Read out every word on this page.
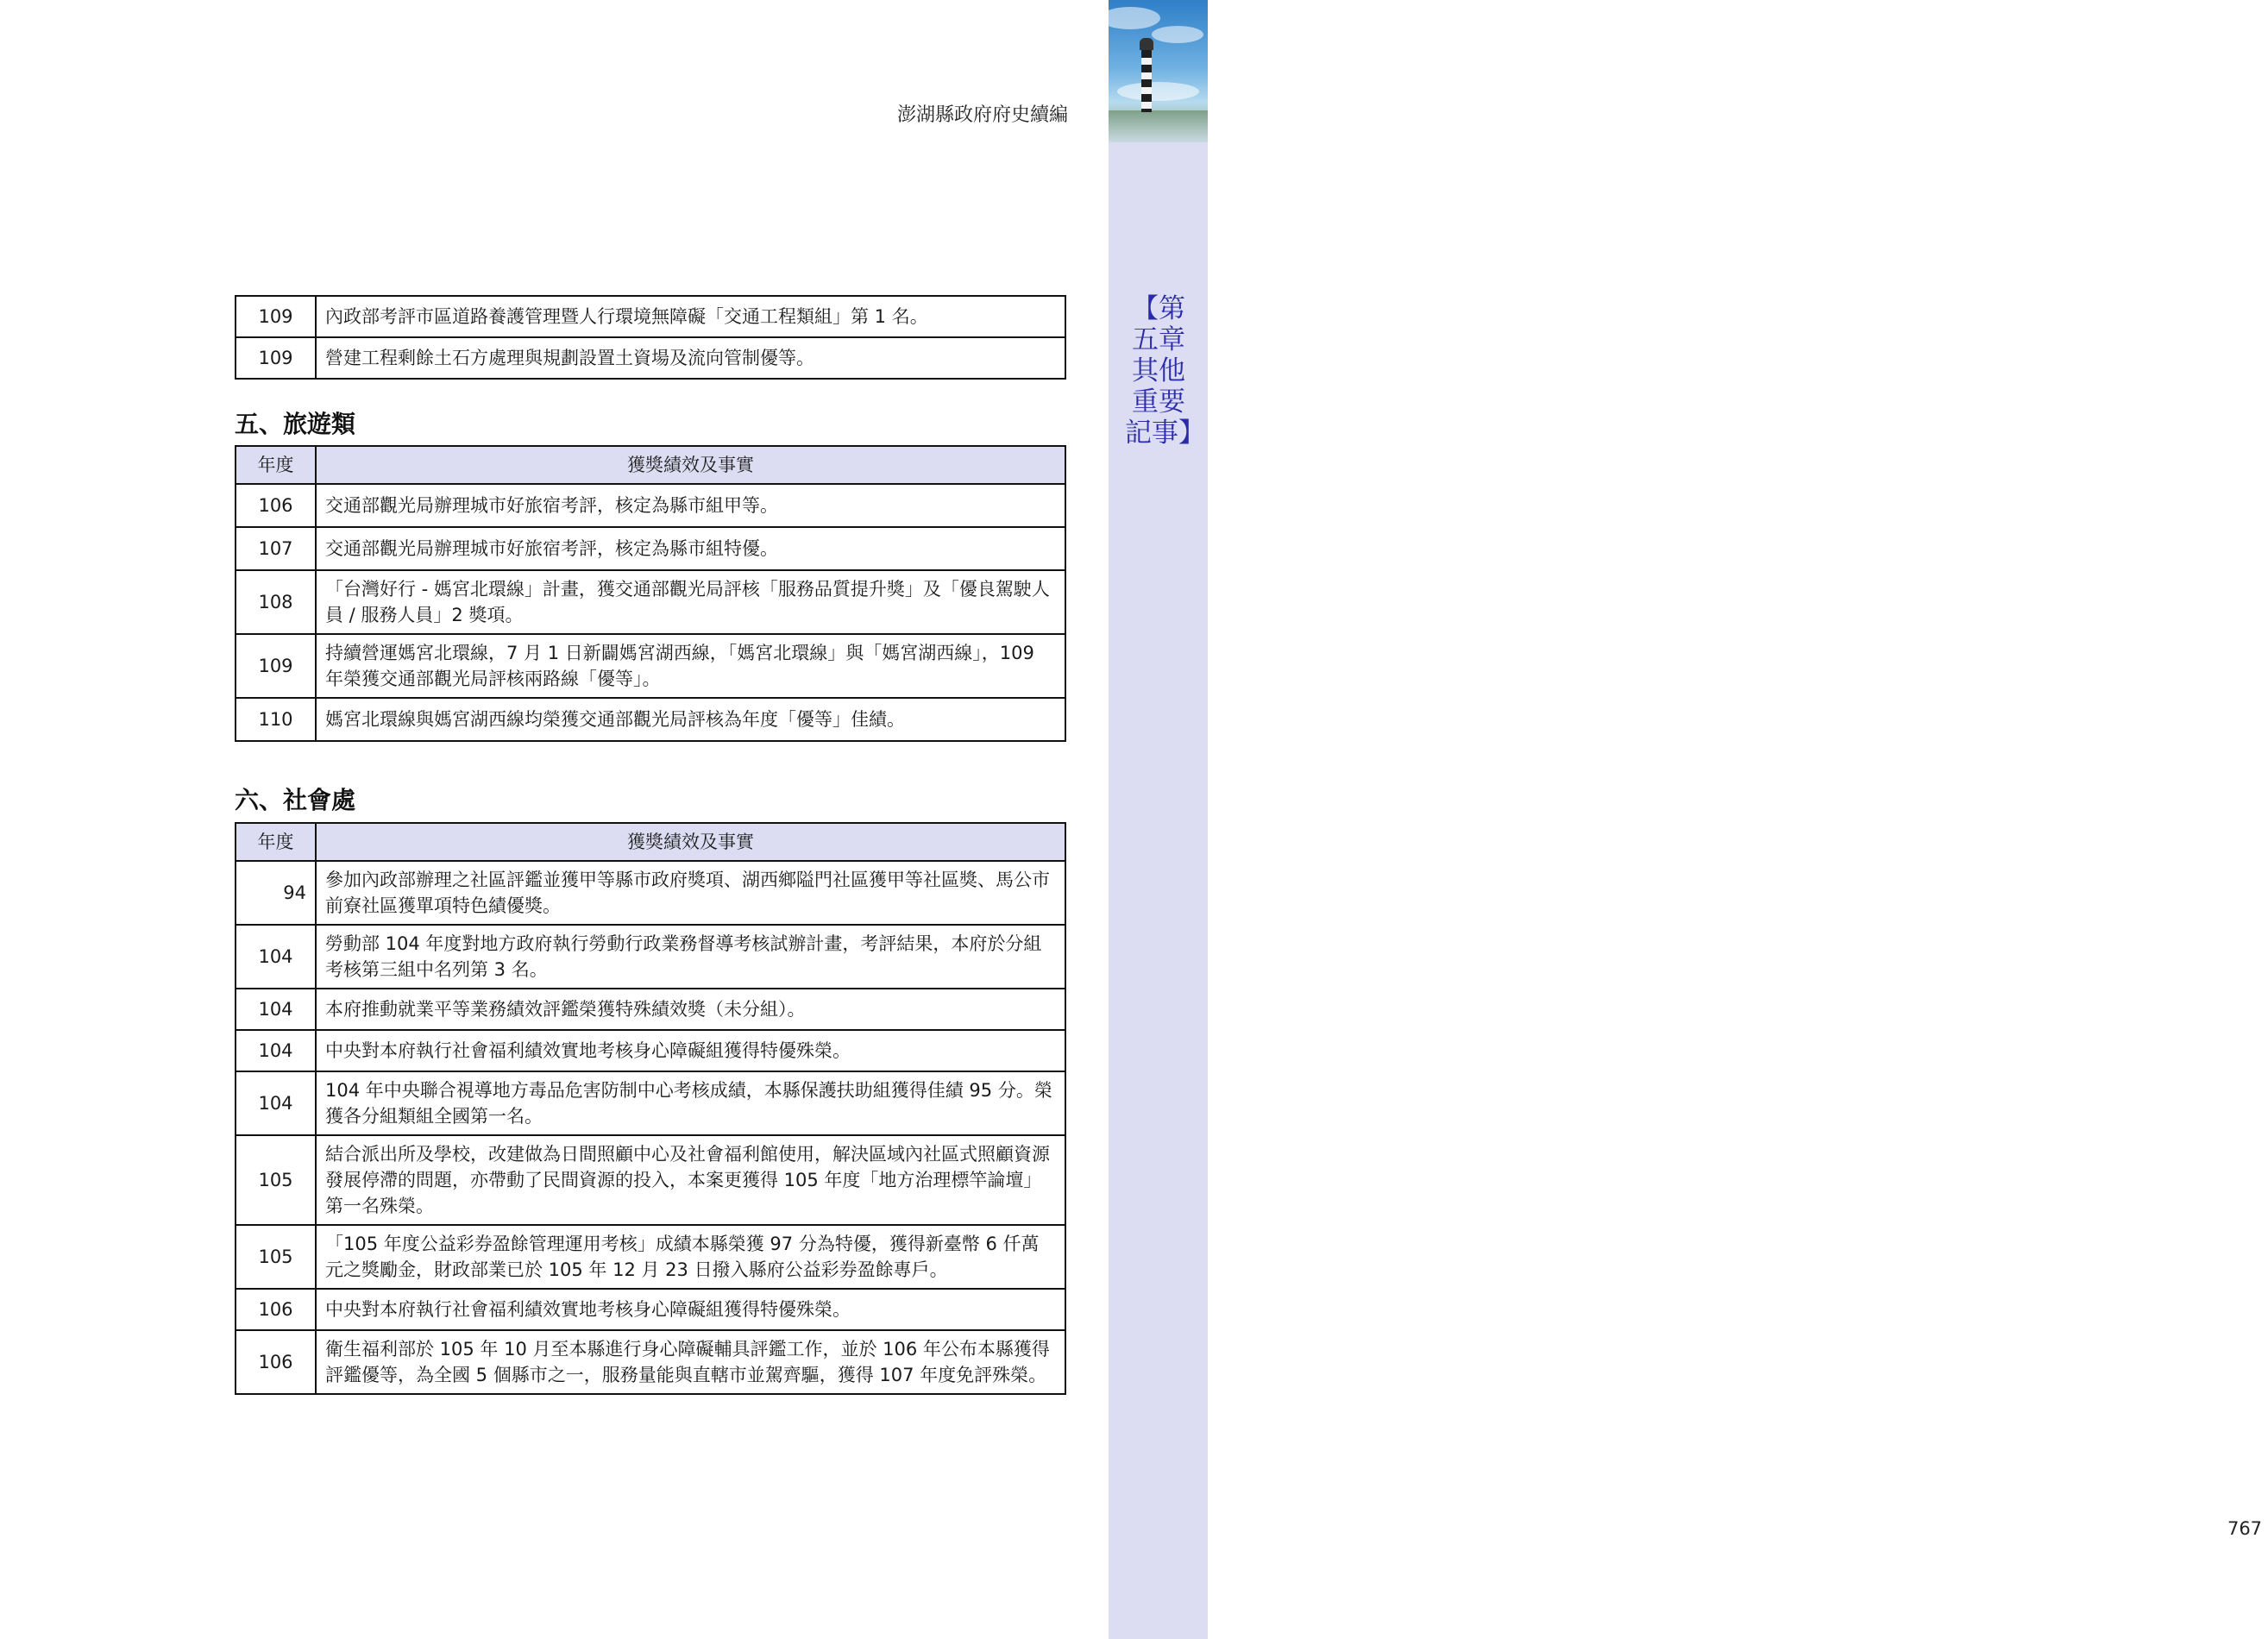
【第五章 其他重要記事】
767
澎湖縣政府府史續編
109	內政部考評市區道路養護管理暨人行環境無障礙「交通工程類組」第 1 名。
109	營建工程剩餘土石方處理與規劃設置土資場及流向管制優等。
五、旅遊類
年度	獲獎績效及事實
106	交通部觀光局辦理城市好旅宿考評，核定為縣市組甲等。
107	交通部觀光局辦理城市好旅宿考評，核定為縣市組特優。
108	「台灣好行 - 媽宮北環線」計畫，獲交通部觀光局評核「服務品質提升獎」及「優良駕駛人員 / 服務人員」2 獎項。
109	持續營運媽宮北環線，7 月 1 日新闢媽宮湖西線，「媽宮北環線」與「媽宮湖西線」，109 年榮獲交通部觀光局評核兩路線「優等」。
110	媽宮北環線與媽宮湖西線均榮獲交通部觀光局評核為年度「優等」佳績。
六、社會處
年度	獲獎績效及事實
94	參加內政部辦理之社區評鑑並獲甲等縣市政府獎項、湖西鄉隘門社區獲甲等社區獎、馬公市前寮社區獲單項特色績優獎。
104	勞動部 104 年度對地方政府執行勞動行政業務督導考核試辦計畫，考評結果，本府於分組考核第三組中名列第 3 名。
104	本府推動就業平等業務績效評鑑榮獲特殊績效獎（未分組）。
104	中央對本府執行社會福利績效實地考核身心障礙組獲得特優殊榮。
104	104 年中央聯合視導地方毒品危害防制中心考核成績，本縣保護扶助組獲得佳績 95 分。榮獲各分組類組全國第一名。
105	結合派出所及學校，改建做為日間照顧中心及社會福利館使用，解決區域內社區式照顧資源發展停滯的問題，亦帶動了民間資源的投入，本案更獲得 105 年度「地方治理標竿論壇」第一名殊榮。
105	「105 年度公益彩券盈餘管理運用考核」成績本縣榮獲 97 分為特優，獲得新臺幣 6 仟萬元之獎勵金，財政部業已於 105 年 12 月 23 日撥入縣府公益彩券盈餘專戶。
106	中央對本府執行社會福利績效實地考核身心障礙組獲得特優殊榮。
106	衛生福利部於 105 年 10 月至本縣進行身心障礙輔具評鑑工作，並於 106 年公布本縣獲得評鑑優等，為全國 5 個縣市之一，服務量能與直轄市並駕齊驅，獲得 107 年度免評殊榮。
